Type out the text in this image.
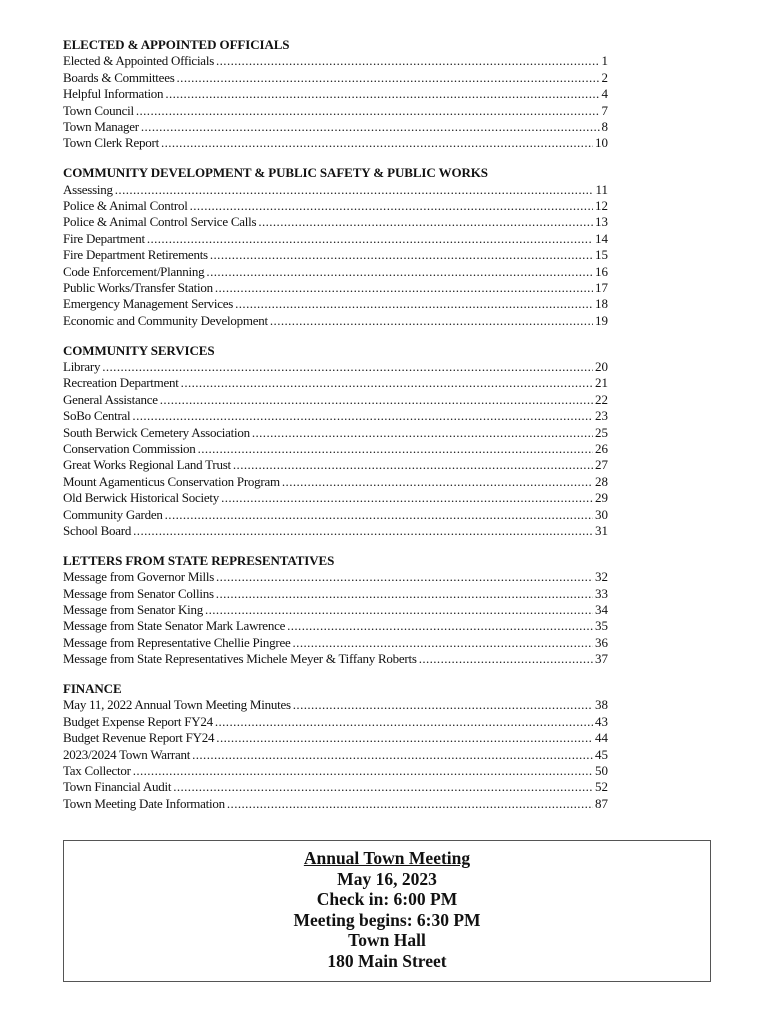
ELECTED & APPOINTED OFFICIALS
Elected & Appointed Officials .....	1
Boards & Committees .....	2
Helpful Information .....	4
Town Council .....	7
Town Manager .....	8
Town Clerk Report .....	10
COMMUNITY DEVELOPMENT & PUBLIC SAFETY & PUBLIC WORKS
Assessing .....	11
Police & Animal Control .....	12
Police & Animal Control Service Calls .....	13
Fire Department .....	14
Fire Department Retirements .....	15
Code Enforcement/Planning .....	16
Public Works/Transfer Station .....	17
Emergency Management Services .....	18
Economic and Community Development .....	19
COMMUNITY SERVICES
Library .....	20
Recreation Department .....	21
General Assistance .....	22
SoBo Central .....	23
South Berwick Cemetery Association .....	25
Conservation Commission .....	26
Great Works Regional Land Trust .....	27
Mount Agamenticus Conservation Program .....	28
Old Berwick Historical Society .....	29
Community Garden .....	30
School Board .....	31
LETTERS FROM STATE REPRESENTATIVES
Message from Governor Mills .....	32
Message from Senator Collins .....	33
Message from Senator King .....	34
Message from State Senator Mark Lawrence .....	35
Message from Representative Chellie Pingree .....	36
Message from State Representatives Michele Meyer & Tiffany Roberts .....	37
FINANCE
May 11, 2022 Annual Town Meeting Minutes .....	38
Budget Expense Report FY24 .....	43
Budget Revenue Report FY24 .....	44
2023/2024 Town Warrant .....	45
Tax Collector .....	50
Town Financial Audit .....	52
Town Meeting Date Information .....	87
Annual Town Meeting
May 16, 2023
Check in: 6:00 PM
Meeting begins: 6:30 PM
Town Hall
180 Main Street
